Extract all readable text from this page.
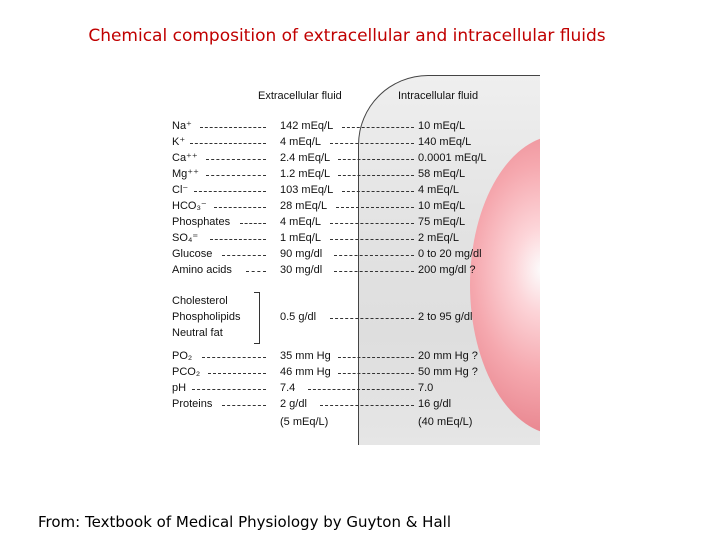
Chemical composition of extracellular and intracellular fluids
Extracellular fluid	Intracellular fluid
Na⁺	142 mEq/L	10 mEq/L
K⁺	4 mEq/L	140 mEq/L
Ca⁺⁺	2.4 mEq/L	0.0001 mEq/L
Mg⁺⁺	1.2 mEq/L	58 mEq/L
Cl⁻	103 mEq/L	4 mEq/L
HCO₃⁻	28 mEq/L	10 mEq/L
Phosphates	4 mEq/L	75 mEq/L
SO₄⁼	1 mEq/L	2 mEq/L
Glucose	90 mg/dl	0 to 20 mg/dl
Amino acids	30 mg/dl	200 mg/dl ?
Cholesterol
Phospholipids
Neutral fat
0.5 g/dl	2 to 95 g/dl
PO₂	35 mm Hg	20 mm Hg ?
PCO₂	46 mm Hg	50 mm Hg ?
pH	7.4	7.0
Proteins	2 g/dl	16 g/dl
(5 mEq/L)	(40 mEq/L)
From: Textbook of Medical Physiology by Guyton & Hall
